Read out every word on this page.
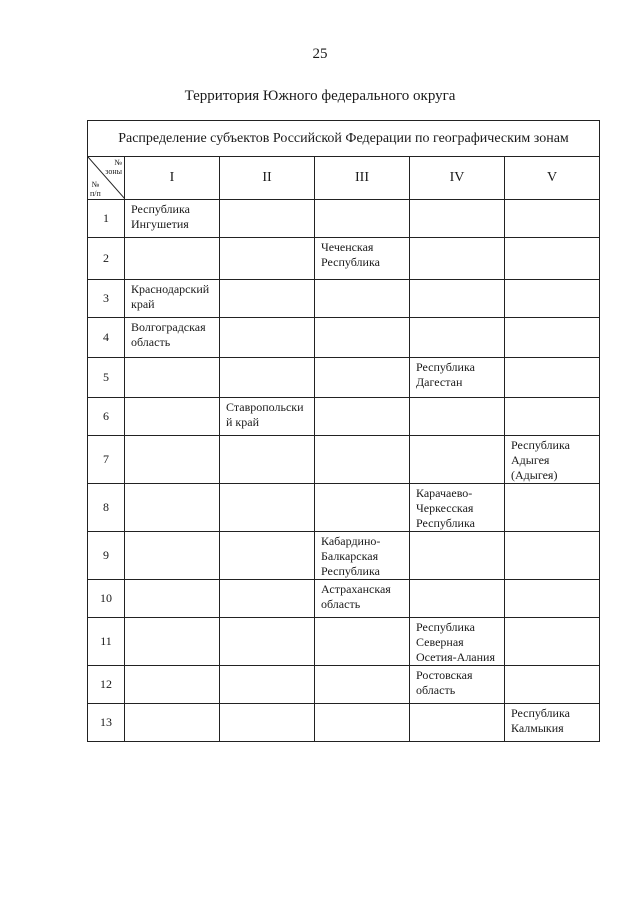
25
Территория Южного федерального округа
Распределение субъектов Российской Федерации по географическим зонам					

№
зоны
№
п/п	I	II	III	IV	V
1	Республика
Ингушетия				
2			Чеченская
Республика		
3	Краснодарский
край				
4	Волгоградская
область				
5				Республика
Дагестан	
6		Ставропольски
й край			
7					Республика
Адыгея
(Адыгея)
8				Карачаево-
Черкесская
Республика	
9			Кабардино-
Балкарская
Республика		
10			Астраханская
область		
11				Республика
Северная
Осетия-Алания	
12				Ростовская
область	
13					Республика
Калмыкия
